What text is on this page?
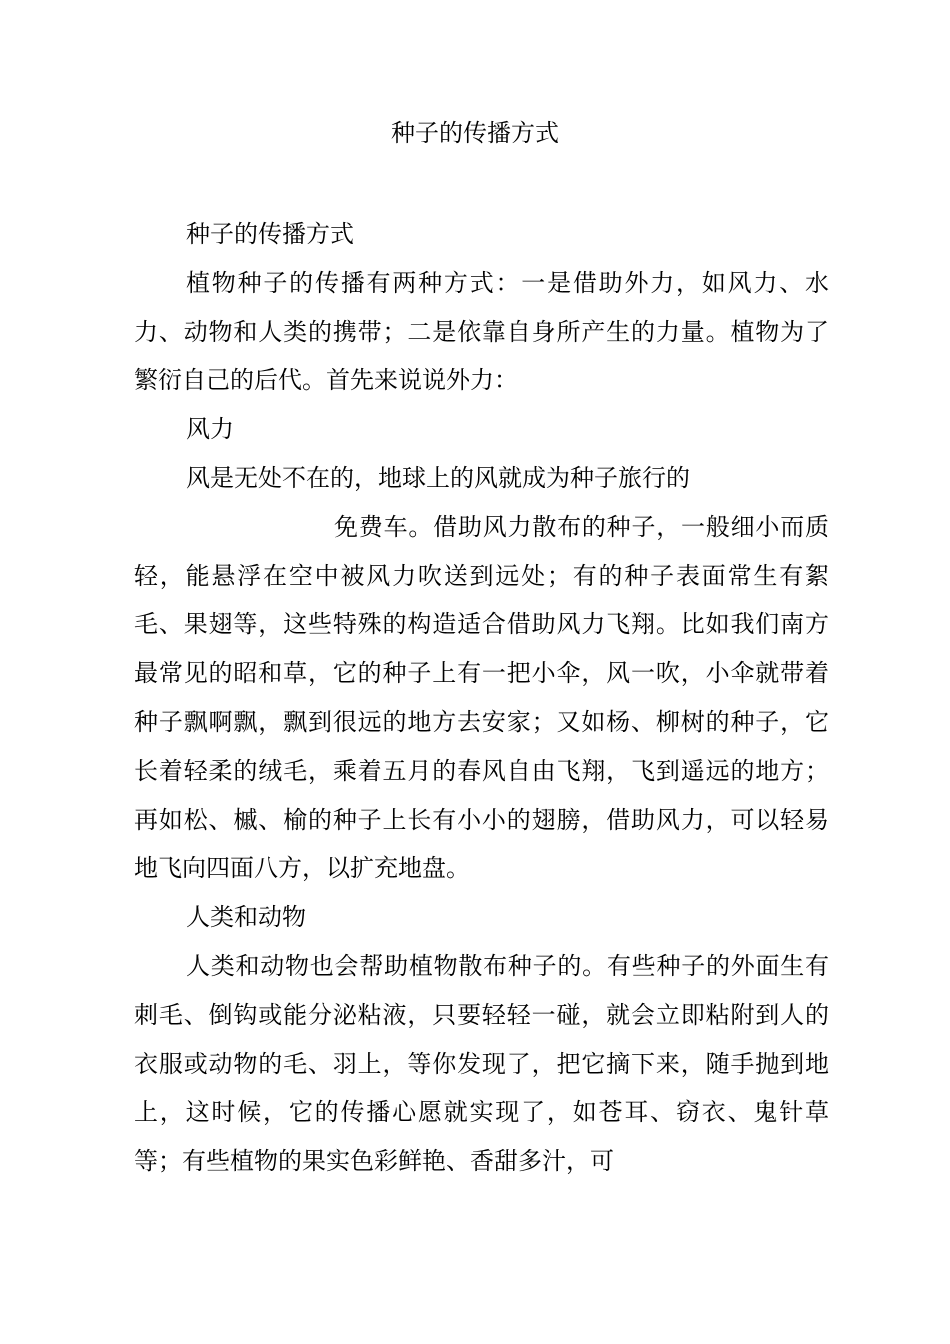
种子的传播方式

种子的传播方式

植物种子的传播有两种方式：一是借助外力，如风力、水力、动物和人类的携带；二是依靠自身所产生的力量。植物为了繁衍自己的后代。首先来说说外力：

风力

风是无处不在的，地球上的风就成为种子旅行的

免费车。借助风力散布的种子，一般细小而质轻，能悬浮在空中被风力吹送到远处；有的种子表面常生有絮毛、果翅等，这些特殊的构造适合借助风力飞翔。比如我们南方最常见的昭和草，它的种子上有一把小伞，风一吹，小伞就带着种子飘啊飘，飘到很远的地方去安家；又如杨、柳树的种子，它长着轻柔的绒毛，乘着五月的春风自由飞翔，飞到遥远的地方；再如松、槭、榆的种子上长有小小的翅膀，借助风力，可以轻易地飞向四面八方，以扩充地盘。

人类和动物

人类和动物也会帮助植物散布种子的。有些种子的外面生有刺毛、倒钩或能分泌粘液，只要轻轻一碰，就会立即粘附到人的衣服或动物的毛、羽上，等你发现了，把它摘下来，随手抛到地上，这时候，它的传播心愿就实现了，如苍耳、窃衣、鬼针草等；有些植物的果实色彩鲜艳、香甜多汁，可
